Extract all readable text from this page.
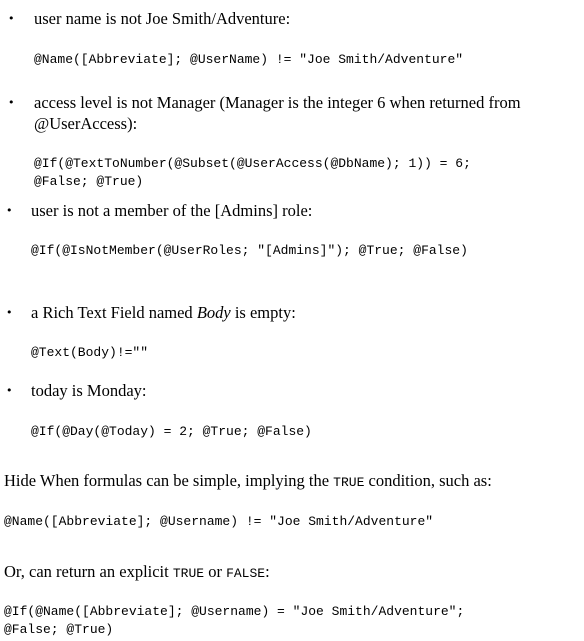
• user name is not Joe Smith/Adventure:
@Name([Abbreviate]; @UserName) != "Joe Smith/Adventure"
• access level is not Manager (Manager is the integer 6 when returned from
@UserAccess):
@If(@TextToNumber(@Subset(@UserAccess(@DbName); 1)) = 6;
@False; @True)
• user is not a member of the [Admins] role:
@If(@IsNotMember(@UserRoles; "[Admins]"); @True; @False)
• a Rich Text Field named Body is empty:
@Text(Body)!=""
• today is Monday:
@If(@Day(@Today) = 2; @True; @False)
Hide When formulas can be simple, implying the TRUE condition, such as:
@Name([Abbreviate]; @Username) != "Joe Smith/Adventure"
Or, can return an explicit TRUE or FALSE:
@If(@Name([Abbreviate]; @Username) = "Joe Smith/Adventure";
@False; @True)
